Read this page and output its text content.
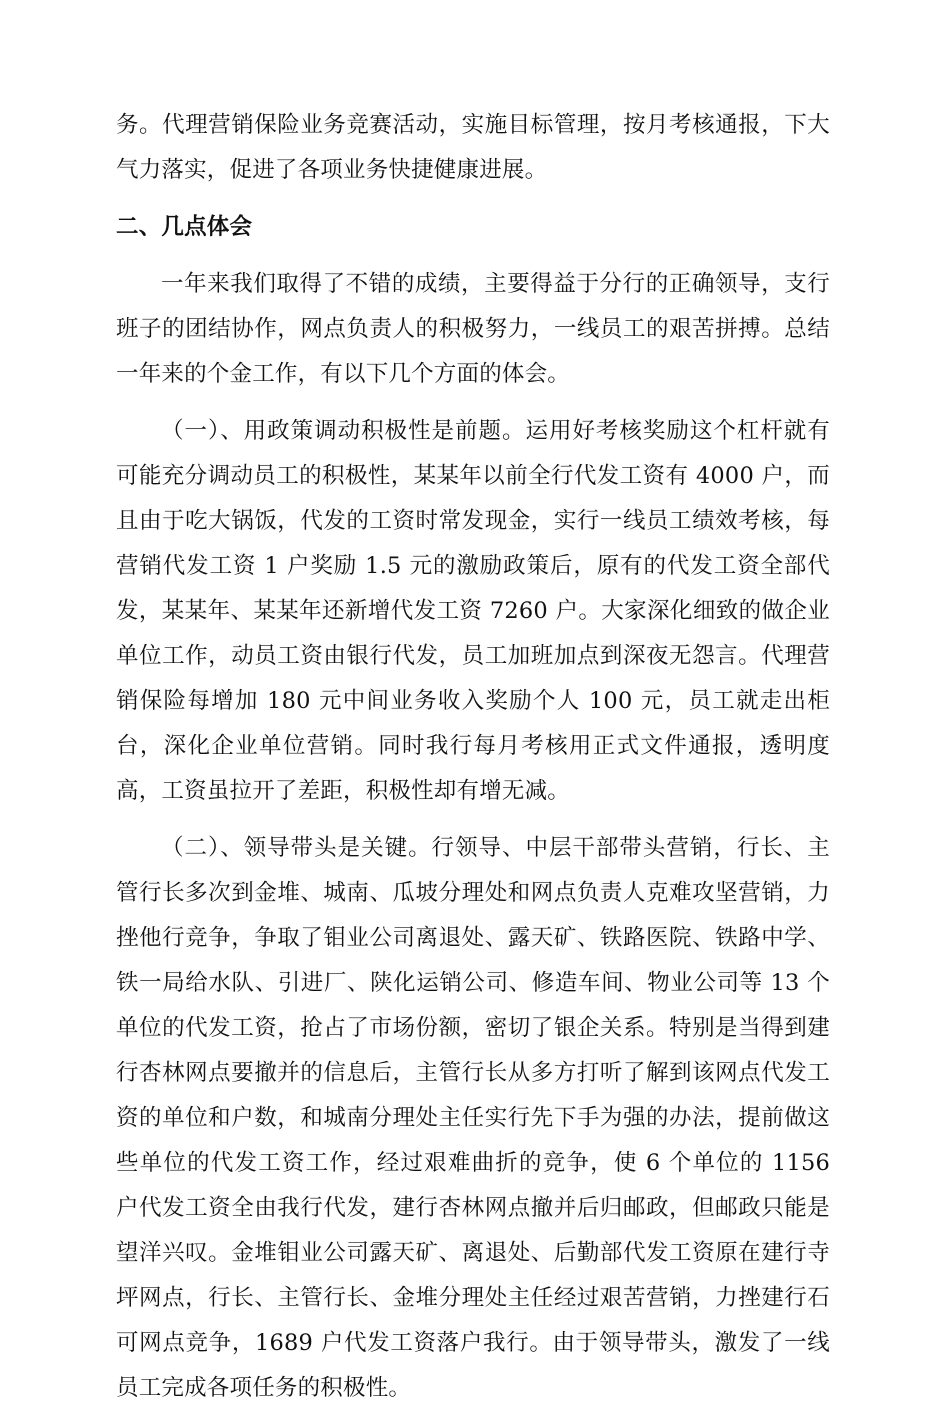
务。代理营销保险业务竞赛活动，实施目标管理，按月考核通报，下大气力落实，促进了各项业务快捷健康进展。

二、几点体会

一年来我们取得了不错的成绩，主要得益于分行的正确领导，支行班子的团结协作，网点负责人的积极努力，一线员工的艰苦拼搏。总结一年来的个金工作，有以下几个方面的体会。

（一）、用政策调动积极性是前题。运用好考核奖励这个杠杆就有可能充分调动员工的积极性，某某年以前全行代发工资有 4000 户，而且由于吃大锅饭，代发的工资时常发现金，实行一线员工绩效考核，每营销代发工资 1 户奖励 1.5 元的激励政策后，原有的代发工资全部代发，某某年、某某年还新增代发工资 7260 户。大家深化细致的做企业单位工作，动员工资由银行代发，员工加班加点到深夜无怨言。代理营销保险每增加 180 元中间业务收入奖励个人 100 元，员工就走出柜台，深化企业单位营销。同时我行每月考核用正式文件通报，透明度高，工资虽拉开了差距，积极性却有增无减。

（二）、领导带头是关键。行领导、中层干部带头营销，行长、主管行长多次到金堆、城南、瓜坡分理处和网点负责人克难攻坚营销，力挫他行竞争，争取了钼业公司离退处、露天矿、铁路医院、铁路中学、铁一局给水队、引进厂、陕化运销公司、修造车间、物业公司等 13 个单位的代发工资，抢占了市场份额，密切了银企关系。特别是当得到建行杏林网点要撤并的信息后，主管行长从多方打听了解到该网点代发工资的单位和户数，和城南分理处主任实行先下手为强的办法，提前做这些单位的代发工资工作，经过艰难曲折的竞争，使 6 个单位的 1156 户代发工资全由我行代发，建行杏林网点撤并后归邮政，但邮政只能是望洋兴叹。金堆钼业公司露天矿、离退处、后勤部代发工资原在建行寺坪网点，行长、主管行长、金堆分理处主任经过艰苦营销，力挫建行石可网点竞争，1689 户代发工资落户我行。由于领导带头，激发了一线员工完成各项任务的积极性。
